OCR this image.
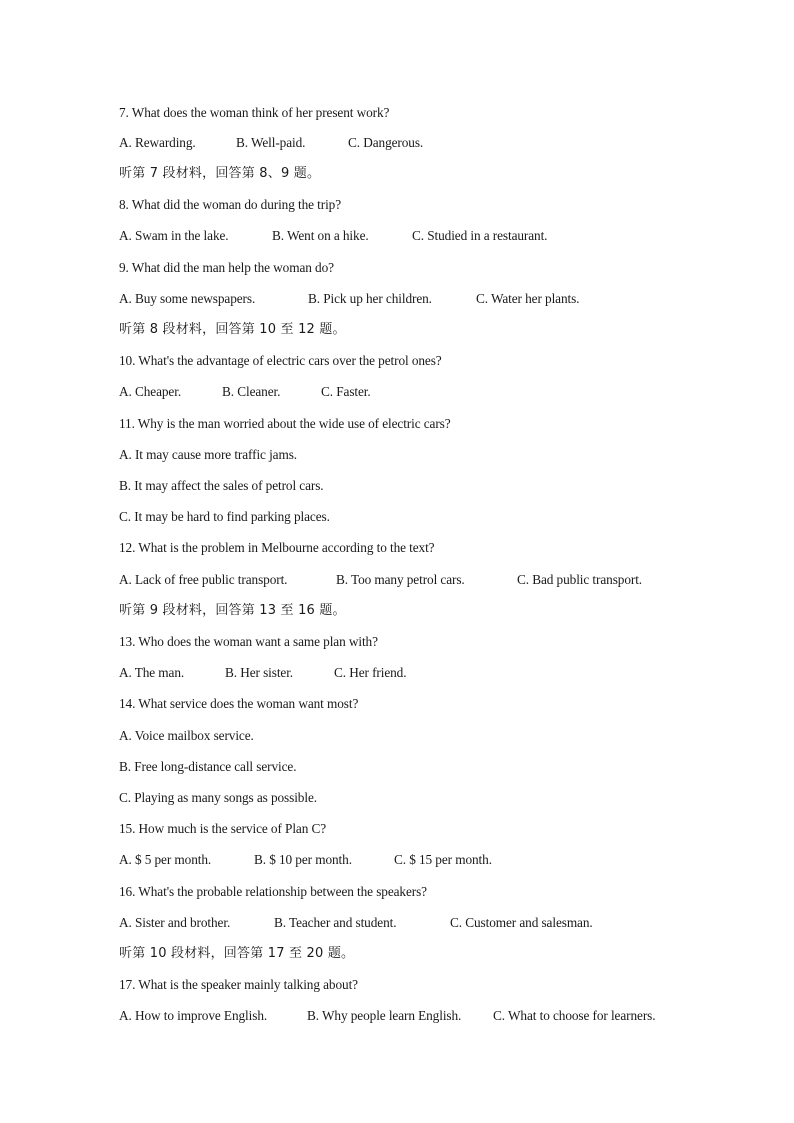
7. What does the woman think of her present work?
A. Rewarding.	B. Well-paid.	C. Dangerous.
听第 7 段材料，回答第 8、9 题。
8. What did the woman do during the trip?
A. Swam in the lake.	B. Went on a hike.	C. Studied in a restaurant.
9. What did the man help the woman do?
A. Buy some newspapers.	B. Pick up her children.	C. Water her plants.
听第 8 段材料，回答第 10 至 12 题。
10. What's the advantage of electric cars over the petrol ones?
A. Cheaper.	B. Cleaner.	C. Faster.
11. Why is the man worried about the wide use of electric cars?
A. It may cause more traffic jams.
B. It may affect the sales of petrol cars.
C. It may be hard to find parking places.
12. What is the problem in Melbourne according to the text?
A. Lack of free public transport.	B. Too many petrol cars.	C. Bad public transport.
听第 9 段材料，回答第 13 至 16 题。
13. Who does the woman want a same plan with?
A. The man.	B. Her sister.	C. Her friend.
14. What service does the woman want most?
A. Voice mailbox service.
B. Free long-distance call service.
C. Playing as many songs as possible.
15. How much is the service of Plan C?
A. $ 5 per month.	B. $ 10 per month.	C. $ 15 per month.
16. What's the probable relationship between the speakers?
A. Sister and brother.	B. Teacher and student.	C. Customer and salesman.
听第 10 段材料，回答第 17 至 20 题。
17. What is the speaker mainly talking about?
A. How to improve English.	B. Why people learn English. C. What to choose for learners.
